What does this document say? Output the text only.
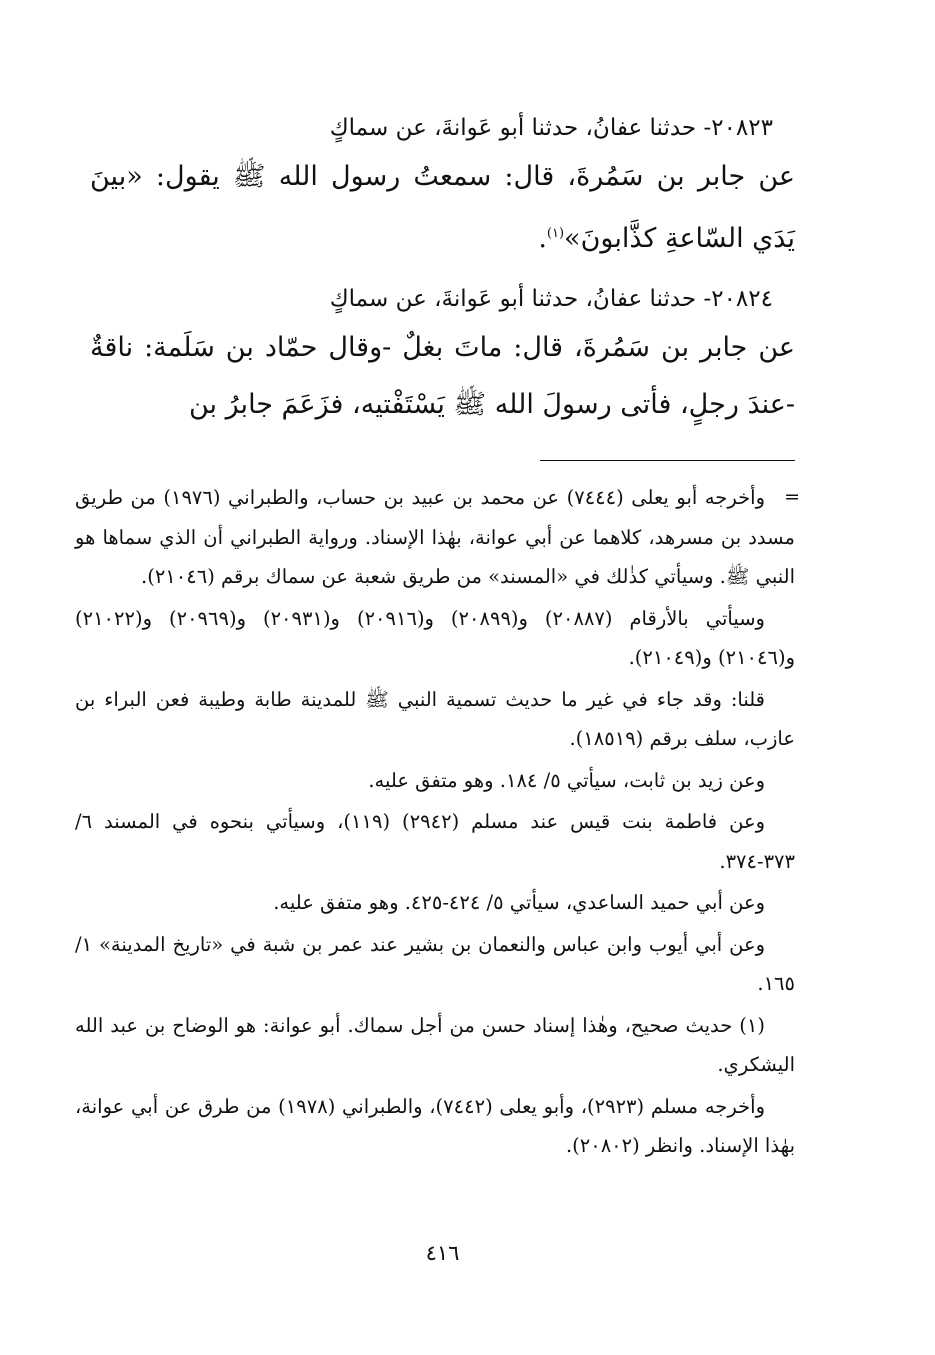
٢٠٨٢٣- حدثنا عفانُ، حدثنا أبو عَوانةَ، عن سماكٍ

عن جابر بن سَمُرةَ، قال: سمعتُ رسول الله ﷺ يقول: «بينَ يَدَي السّاعةِ كذَّابونَ»$^{(١)}$.

٢٠٨٢٤- حدثنا عفانُ، حدثنا أبو عَوانةَ، عن سماكٍ

عن جابر بن سَمُرةَ، قال: ماتَ بغلٌ -وقال حمّاد بن سَلَمة: ناقةٌ -عندَ رجلٍ، فأتى رسولَ الله ﷺ يَسْتَفْتيه، فزَعَمَ جابرُ بن

=
وأخرجه أبو يعلى (٧٤٤٤) عن محمد بن عبيد بن حساب، والطبراني (١٩٧٦) من طريق مسدد بن مسرهد، كلاهما عن أبي عوانة، بهٰذا الإسناد. ورواية الطبراني أن الذي سماها هو النبي ﷺ. وسيأتي كذٰلك في «المسند» من طريق شعبة عن سماك برقم (٢١٠٤٦).

وسيأتي بالأرقام (٢٠٨٨٧) و(٢٠٨٩٩) و(٢٠٩١٦) و(٢٠٩٣١) و(٢٠٩٦٩) و(٢١٠٢٢) و(٢١٠٤٦) و(٢١٠٤٩).

قلنا: وقد جاء في غير ما حديث تسمية النبي ﷺ للمدينة طابة وطيبة فعن البراء بن عازب، سلف برقم (١٨٥١٩).

وعن زيد بن ثابت، سيأتي ٥/ ١٨٤. وهو متفق عليه.

وعن فاطمة بنت قيس عند مسلم (٢٩٤٢) (١١٩)، وسيأتي بنحوه في المسند ٦/ ٣٧٣-٣٧٤.

وعن أبي حميد الساعدي، سيأتي ٥/ ٤٢٤-٤٢٥. وهو متفق عليه.

وعن أبي أيوب وابن عباس والنعمان بن بشير عند عمر بن شبة في «تاريخ المدينة» ١/ ١٦٥.

(١) حديث صحيح، وهٰذا إسناد حسن من أجل سماك. أبو عوانة: هو الوضاح بن عبد الله اليشكري.

وأخرجه مسلم (٢٩٢٣)، وأبو يعلى (٧٤٤٢)، والطبراني (١٩٧٨) من طرق عن أبي عوانة، بهٰذا الإسناد. وانظر (٢٠٨٠٢).

٤١٦
